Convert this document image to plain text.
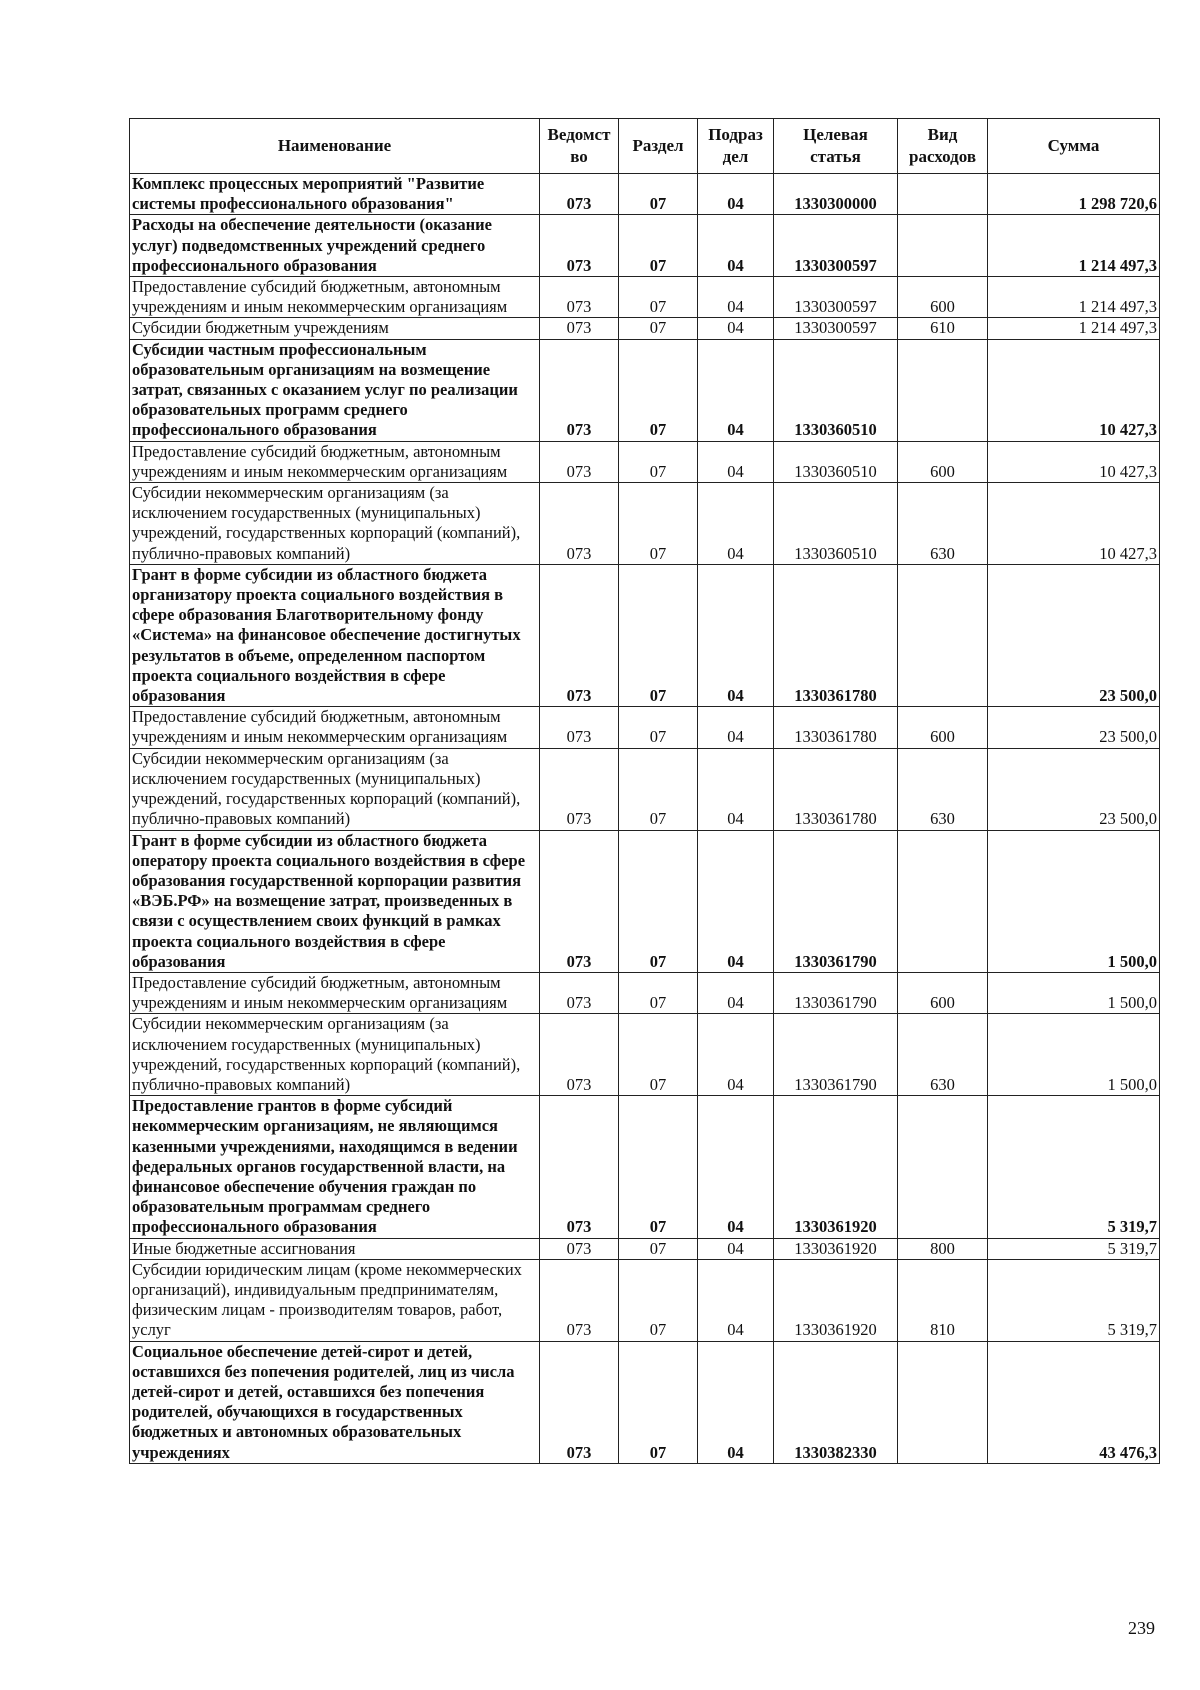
Наименование	Ведомст во	Раздел	Подраз дел	Целевая статья	Вид расходов	Сумма
Комплекс процессных мероприятий "Развитие системы профессионального образования"	073	07	04	1330300000		1 298 720,6
Расходы на обеспечение деятельности (оказание услуг) подведомственных учреждений среднего профессионального образования	073	07	04	1330300597		1 214 497,3
Предоставление субсидий бюджетным, автономным учреждениям и иным некоммерческим организациям	073	07	04	1330300597	600	1 214 497,3
Субсидии бюджетным учреждениям	073	07	04	1330300597	610	1 214 497,3
Субсидии частным профессиональным образовательным организациям на возмещение затрат, связанных с оказанием услуг по реализации образовательных программ среднего профессионального образования	073	07	04	1330360510		10 427,3
Предоставление субсидий бюджетным, автономным учреждениям и иным некоммерческим организациям	073	07	04	1330360510	600	10 427,3
Субсидии некоммерческим организациям (за исключением государственных (муниципальных) учреждений, государственных корпораций (компаний), публично-правовых компаний)	073	07	04	1330360510	630	10 427,3
Грант в форме субсидии из областного бюджета организатору проекта социального воздействия в сфере образования Благотворительному фонду «Система» на финансовое обеспечение достигнутых результатов в объеме, определенном паспортом проекта социального воздействия в сфере образования	073	07	04	1330361780		23 500,0
Предоставление субсидий бюджетным, автономным учреждениям и иным некоммерческим организациям	073	07	04	1330361780	600	23 500,0
Субсидии некоммерческим организациям (за исключением государственных (муниципальных) учреждений, государственных корпораций (компаний), публично-правовых компаний)	073	07	04	1330361780	630	23 500,0
Грант в форме субсидии из областного бюджета оператору проекта социального воздействия в сфере образования государственной корпорации развития «ВЭБ.РФ» на возмещение затрат, произведенных в связи с осуществлением своих функций в рамках проекта социального воздействия в сфере образования	073	07	04	1330361790		1 500,0
Предоставление субсидий бюджетным, автономным учреждениям и иным некоммерческим организациям	073	07	04	1330361790	600	1 500,0
Субсидии некоммерческим организациям (за исключением государственных (муниципальных) учреждений, государственных корпораций (компаний), публично-правовых компаний)	073	07	04	1330361790	630	1 500,0
Предоставление грантов в форме субсидий некоммерческим организациям, не являющимся казенными учреждениями, находящимся в ведении федеральных органов государственной власти, на финансовое обеспечение обучения граждан по образовательным программам среднего профессионального образования	073	07	04	1330361920		5 319,7
Иные бюджетные ассигнования	073	07	04	1330361920	800	5 319,7
Субсидии юридическим лицам (кроме некоммерческих организаций), индивидуальным предпринимателям, физическим лицам - производителям товаров, работ, услуг	073	07	04	1330361920	810	5 319,7
Социальное обеспечение детей-сирот и детей, оставшихся без попечения родителей, лиц из числа детей-сирот и детей, оставшихся без попечения родителей, обучающихся в государственных бюджетных и автономных образовательных учреждениях	073	07	04	1330382330		43 476,3
239
